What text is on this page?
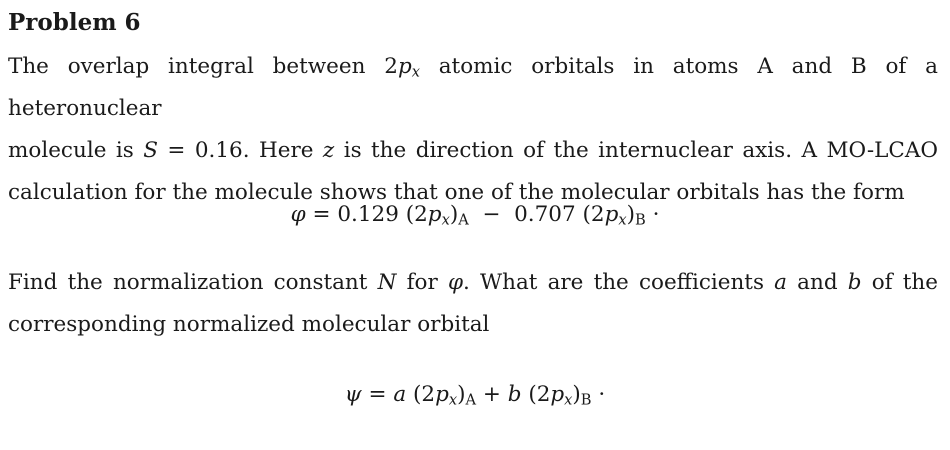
Problem 6
The overlap integral between $2p_x$ atomic orbitals in atoms A and B of a heteronuclear
molecule is S = 0.16. Here z is the direction of the internuclear axis. A MO-LCAO
calculation for the molecule shows that one of the molecular orbitals has the form
φ = 0.129 $(2p_x)_A - 0.707$ $(2p_x)_B$ ·
Find the normalization constant N for φ. What are the coefficients a and b of the
corresponding normalized molecular orbital
ψ = a $(2p_x)_A + b$ $(2p_x)_B$ ·
